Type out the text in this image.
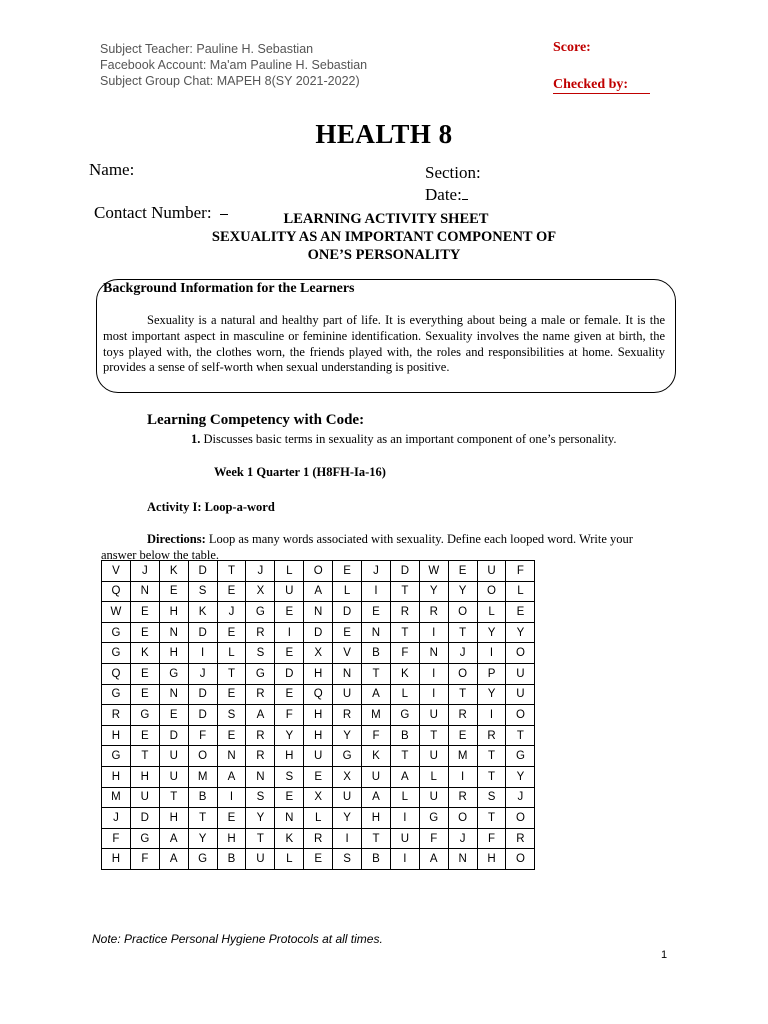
Subject Teacher: Pauline H. Sebastian
Facebook Account: Ma'am Pauline H. Sebastian
Subject Group Chat: MAPEH 8(SY 2021-2022)
Score:
Checked by:
HEALTH 8
Name:	Section:
Date:
Contact Number:	LEARNING ACTIVITY SHEET
SEXUALITY AS AN IMPORTANT COMPONENT OF
ONE’S PERSONALITY
Background Information for the Learners
Sexuality is a natural and healthy part of life. It is everything about being a male or female. It is the most important aspect in masculine or feminine identification. Sexuality involves the name given at birth, the toys played with, the clothes worn, the friends played with, the roles and responsibilities at home. Sexuality provides a sense of self-worth when sexual understanding is positive.
Learning Competency with Code:
1. Discusses basic terms in sexuality as an important component of one’s personality.
Week 1 Quarter 1 (H8FH-Ia-16)
Activity I: Loop-a-word
Directions: Loop as many words associated with sexuality. Define each looped word. Write your answer below the table.
V	J	K	D	T	J	L	O	E	J	D	W	E	U	F
Q	N	E	S	E	X	U	A	L	I	T	Y	Y	O	L
W	E	H	K	J	G	E	N	D	E	R	R	O	L	E
G	E	N	D	E	R	I	D	E	N	T	I	T	Y	Y
G	K	H	I	L	S	E	X	V	B	F	N	J	I	O
Q	E	G	J	T	G	D	H	N	T	K	I	O	P	U
G	E	N	D	E	R	E	Q	U	A	L	I	T	Y	U
R	G	E	D	S	A	F	H	R	M	G	U	R	I	O
H	E	D	F	E	R	Y	H	Y	F	B	T	E	R	T
G	T	U	O	N	R	H	U	G	K	T	U	M	T	G
H	H	U	M	A	N	S	E	X	U	A	L	I	T	Y
M	U	T	B	I	S	E	X	U	A	L	U	R	S	J
J	D	H	T	E	Y	N	L	Y	H	I	G	O	T	O
F	G	A	Y	H	T	K	R	I	T	U	F	J	F	R
H	F	A	G	B	U	L	E	S	B	I	A	N	H	O
Note: Practice Personal Hygiene Protocols at all times.
1
